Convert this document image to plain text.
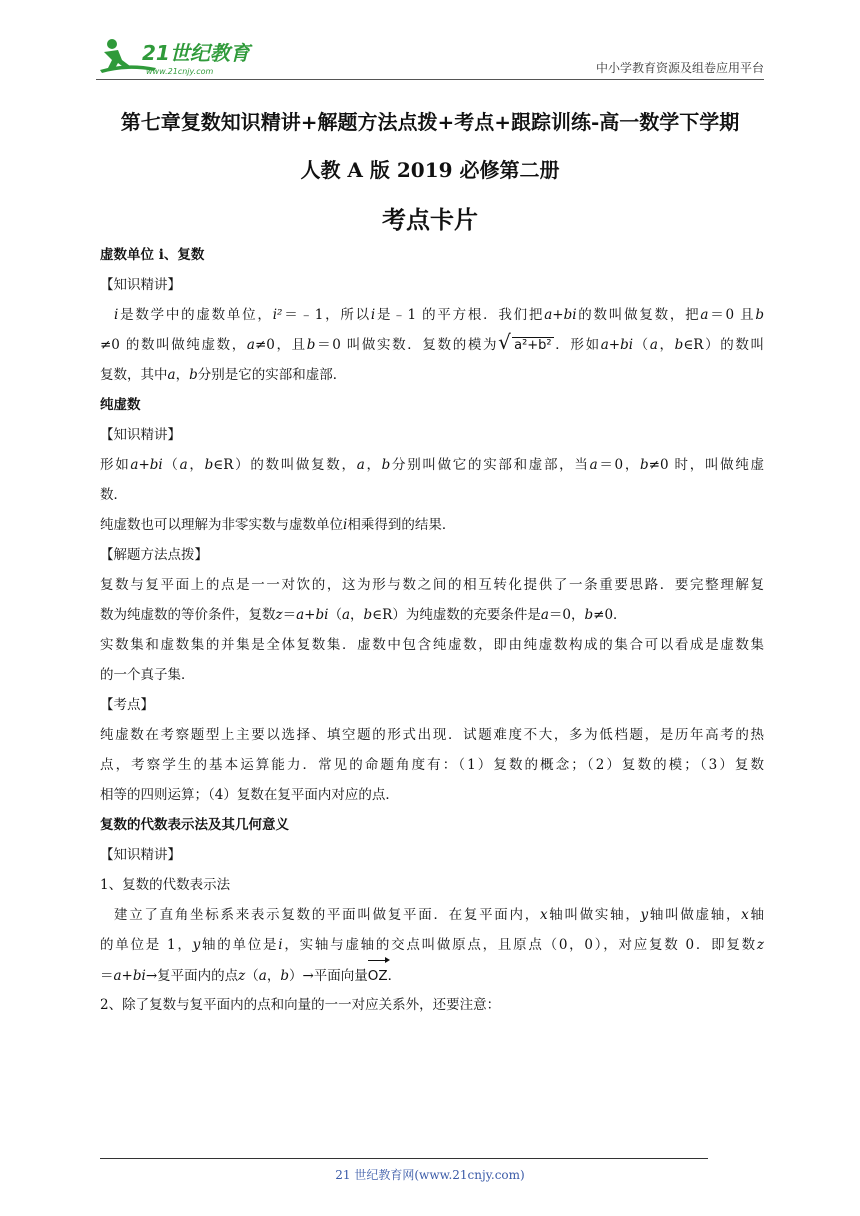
21世纪教育
www.21cnjy.com	中小学教育资源及组卷应用平台
第七章复数知识精讲+解题方法点拨+考点+跟踪训练-高一数学下学期
人教 A 版 2019 必修第二册
考点卡片
虚数单位 i、复数
【知识精讲】
i是数学中的虚数单位，i²＝﹣1，所以i是﹣1 的平方根．我们把a+bi的数叫做复数，把a＝0 且b
≠0 的数叫做纯虚数，a≠0，且b＝0 叫做实数．复数的模为 √ a²+b² ．形如a+bi（a，b∈R）的数叫
复数，其中a，b分别是它的实部和虚部．
纯虚数
【知识精讲】
形如a+bi（a，b∈R）的数叫做复数，a，b分别叫做它的实部和虚部，当a＝0，b≠0 时，叫做纯虚
数．
纯虚数也可以理解为非零实数与虚数单位i相乘得到的结果．
【解题方法点拨】
复数与复平面上的点是一一对饮的，这为形与数之间的相互转化提供了一条重要思路．要完整理解复
数为纯虚数的等价条件，复数z＝a+bi（a，b∈R）为纯虚数的充要条件是a＝0，b≠0．
实数集和虚数集的并集是全体复数集．虚数中包含纯虚数，即由纯虚数构成的集合可以看成是虚数集
的一个真子集．
【考点】
纯虚数在考察题型上主要以选择、填空题的形式出现．试题难度不大，多为低档题，是历年高考的热
点，考察学生的基本运算能力．常见的命题角度有：（1）复数的概念；（2）复数的模；（3）复数
相等的四则运算；（4）复数在复平面内对应的点．
复数的代数表示法及其几何意义
【知识精讲】
1、复数的代数表示法
建立了直角坐标系来表示复数的平面叫做复平面．在复平面内，x轴叫做实轴，y轴叫做虚轴，x轴
的单位是 1，y轴的单位是i，实轴与虚轴的交点叫做原点，且原点（0，0），对应复数 0．即复数z
＝a+bi→复平面内的点z（a，b）→平面向量OZ．
2、除了复数与复平面内的点和向量的一一对应关系外，还要注意：
21 世纪教育网(www.21cnjy.com)
